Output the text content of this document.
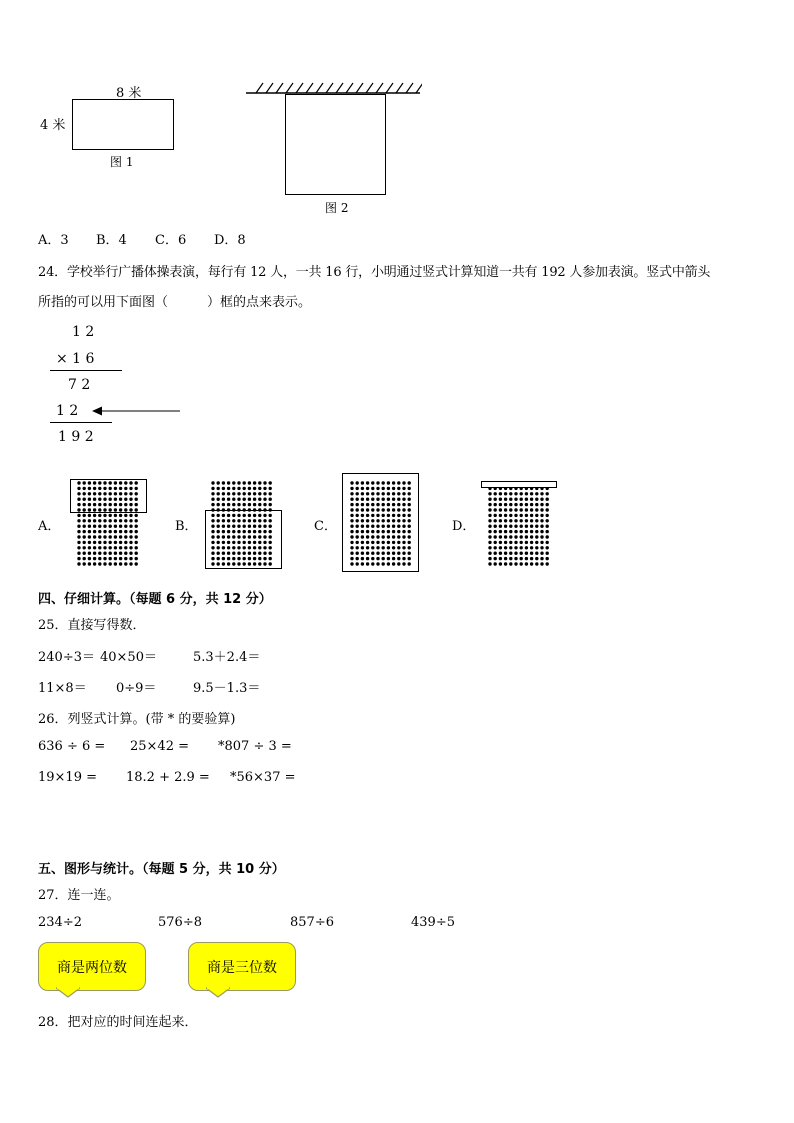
8 米
4 米
图 1
图 2
A．3 B．4 C．6 D．8
24．学校举行广播体操表演，每行有 12 人，一共 16 行，小明通过竖式计算知道一共有 192 人参加表演。竖式中箭头
所指的可以用下面图（　　　）框的点来表示。
1 2
× 1 6
7 2
1 2
1 9 2
A．	B．	C．	D．
四、仔细计算。（每题 6 分，共 12 分）
25．直接写得数．
240÷3＝ 40×50＝	5.3＋2.4＝
11×8＝ 0÷9＝	9.5－1.3＝
26．列竖式计算。(带 * 的要验算)
636 ÷ 6 = 25×42 = *807 ÷ 3 =
19×19 = 18.2 + 2.9 = *56×37 =
五、图形与统计。（每题 5 分，共 10 分）
27．连一连。
234÷2	576÷8	857÷6	439÷5
商是两位数	商是三位数
28．把对应的时间连起来．
